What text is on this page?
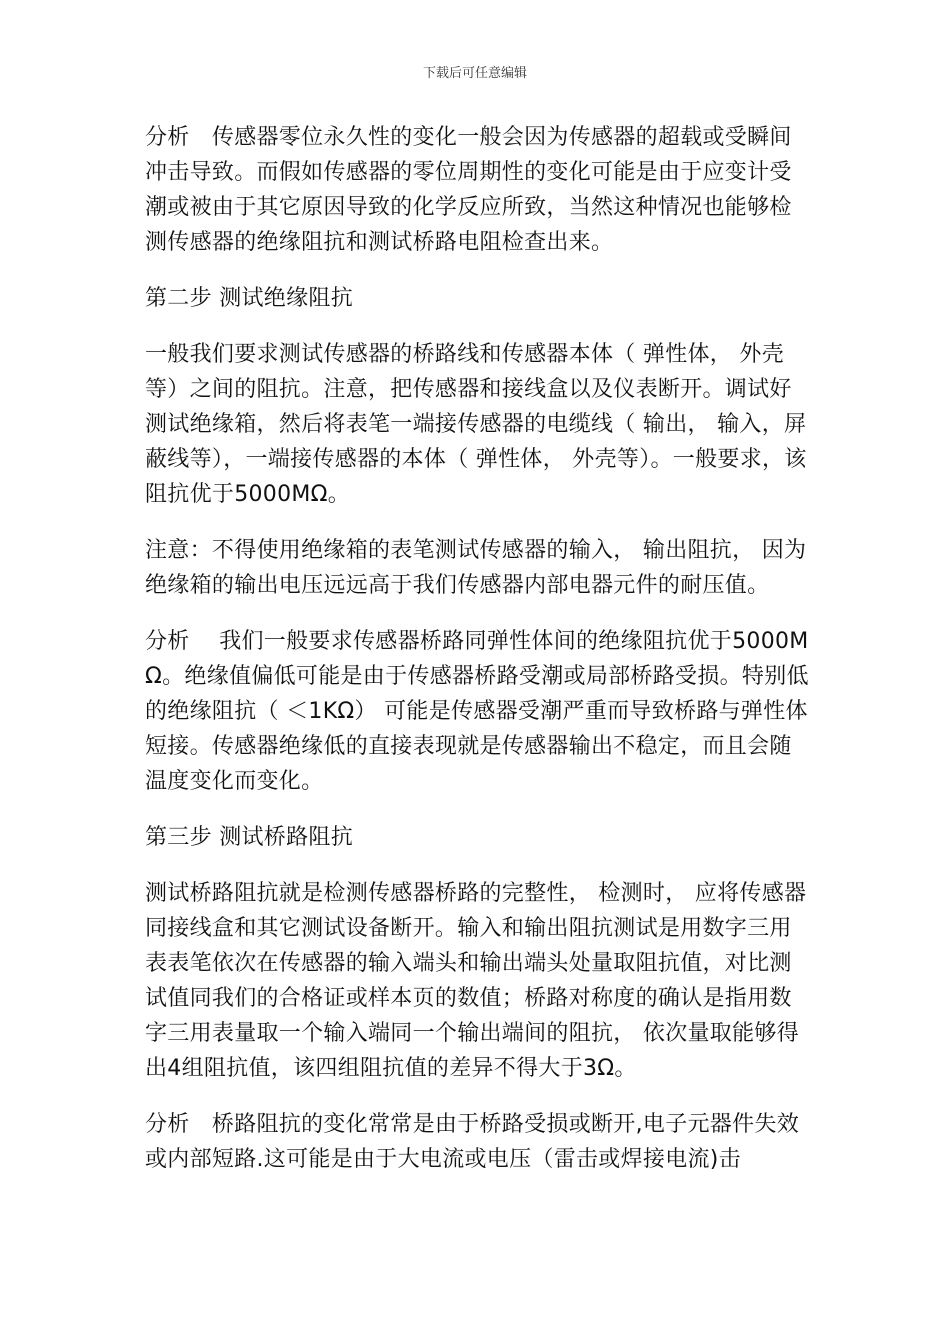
下载后可任意编辑

分析　传感器零位永久性的变化一般会因为传感器的超载或受瞬间冲击导致。而假如传感器的零位周期性的变化可能是由于应变计受潮或被由于其它原因导致的化学反应所致，当然这种情况也能够检测传感器的绝缘阻抗和测试桥路电阻检查出来。

第二步 测试绝缘阻抗

一般我们要求测试传感器的桥路线和传感器本体（ 弹性体， 外壳等）之间的阻抗。注意，把传感器和接线盒以及仪表断开。调试好测试绝缘箱，然后将表笔一端接传感器的电缆线（ 输出， 输入，屏蔽线等），一端接传感器的本体（ 弹性体， 外壳等）。一般要求，该阻抗优于5000MΩ。

注意：不得使用绝缘箱的表笔测试传感器的输入， 输出阻抗， 因为绝缘箱的输出电压远远高于我们传感器内部电器元件的耐压值。

分析　 我们一般要求传感器桥路同弹性体间的绝缘阻抗优于5000MΩ。绝缘值偏低可能是由于传感器桥路受潮或局部桥路受损。特别低的绝缘阻抗（ ＜1KΩ） 可能是传感器受潮严重而导致桥路与弹性体短接。传感器绝缘低的直接表现就是传感器输出不稳定，而且会随温度变化而变化。

第三步 测试桥路阻抗

测试桥路阻抗就是检测传感器桥路的完整性， 检测时， 应将传感器同接线盒和其它测试设备断开。输入和输出阻抗测试是用数字三用表表笔依次在传感器的输入端头和输出端头处量取阻抗值，对比测试值同我们的合格证或样本页的数值；桥路对称度的确认是指用数字三用表量取一个输入端同一个输出端间的阻抗， 依次量取能够得出4组阻抗值，该四组阻抗值的差异不得大于3Ω。

分析　桥路阻抗的变化常常是由于桥路受损或断开,电子元器件失效或内部短路.这可能是由于大电流或电压（雷击或焊接电流)击
